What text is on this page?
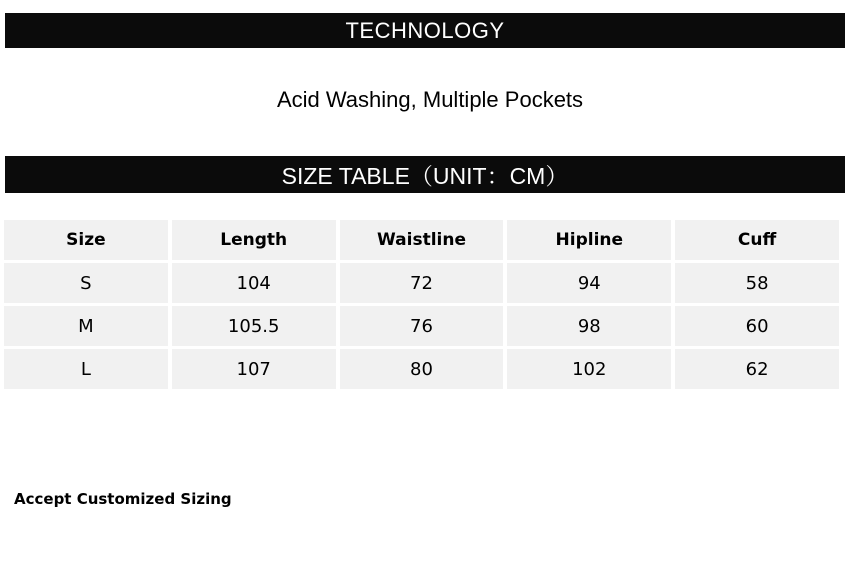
TECHNOLOGY
Acid Washing, Multiple Pockets
SIZE TABLE（UNIT：CM）
Size	Length	Waistline	Hipline	Cuff
S	104	72	94	58
M	105.5	76	98	60
L	107	80	102	62
Accept Customized Sizing
